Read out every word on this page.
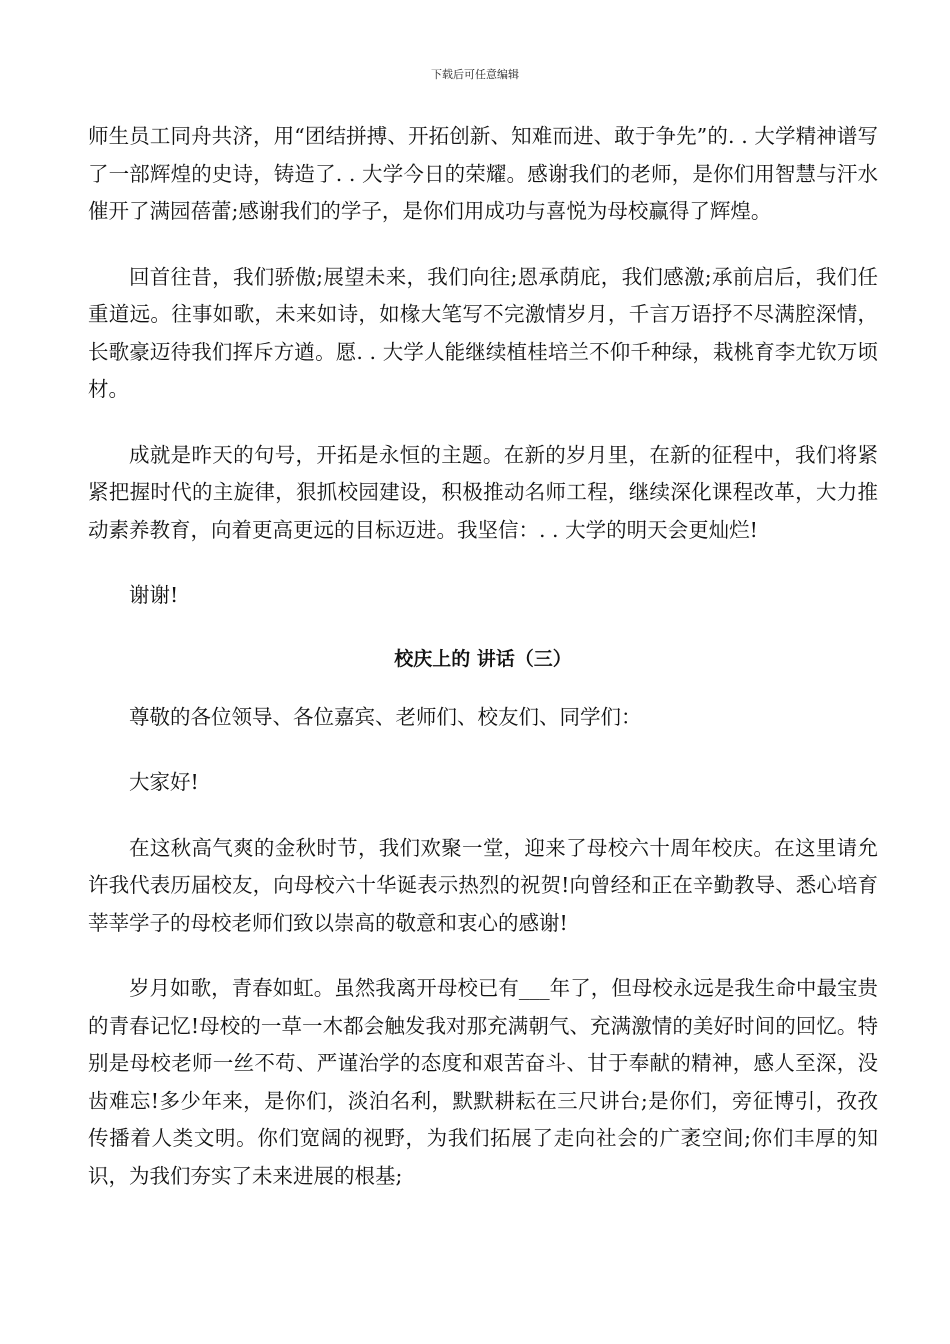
下载后可任意编辑

师生员工同舟共济，用“团结拼搏、开拓创新、知难而进、敢于争先”的. . 大学精神谱写了一部辉煌的史诗，铸造了. . 大学今日的荣耀。感谢我们的老师，是你们用智慧与汗水催开了满园蓓蕾;感谢我们的学子，是你们用成功与喜悦为母校赢得了辉煌。

回首往昔，我们骄傲;展望未来，我们向往;恩承荫庇，我们感激;承前启后，我们任重道远。往事如歌，未来如诗，如椽大笔写不完激情岁月，千言万语抒不尽满腔深情，长歌豪迈待我们挥斥方遒。愿. . 大学人能继续植桂培兰不仰千种绿，栽桃育李尤钦万顷材。

成就是昨天的句号，开拓是永恒的主题。在新的岁月里，在新的征程中，我们将紧紧把握时代的主旋律，狠抓校园建设，积极推动名师工程，继续深化课程改革，大力推动素养教育，向着更高更远的目标迈进。我坚信：. . 大学的明天会更灿烂!

谢谢!

校庆上的 讲话（三）

尊敬的各位领导、各位嘉宾、老师们、校友们、同学们：

大家好!

在这秋高气爽的金秋时节，我们欢聚一堂，迎来了母校六十周年校庆。在这里请允许我代表历届校友，向母校六十华诞表示热烈的祝贺!向曾经和正在辛勤教导、悉心培育莘莘学子的母校老师们致以崇高的敬意和衷心的感谢!

岁月如歌，青春如虹。虽然我离开母校已有___年了，但母校永远是我生命中最宝贵的青春记忆!母校的一草一木都会触发我对那充满朝气、充满激情的美好时间的回忆。特别是母校老师一丝不苟、严谨治学的态度和艰苦奋斗、甘于奉献的精神，感人至深，没齿难忘!多少年来，是你们，淡泊名利，默默耕耘在三尺讲台;是你们，旁征博引，孜孜传播着人类文明。你们宽阔的视野，为我们拓展了走向社会的广袤空间;你们丰厚的知识，为我们夯实了未来进展的根基;
